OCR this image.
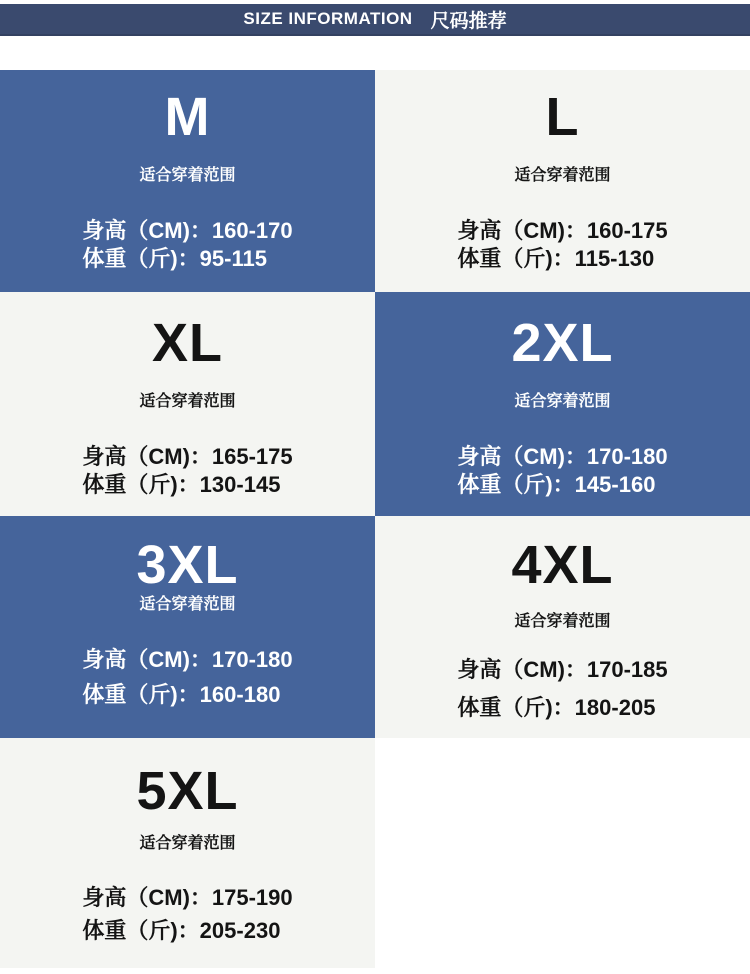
SIZE INFORMATION 尺码推荐
M
适合穿着范围
身高（CM)：160-170
体重（斤)：95-115
L
适合穿着范围
身高（CM)：160-175
体重（斤)：115-130
XL
适合穿着范围
身高（CM)：165-175
体重（斤)：130-145
2XL
适合穿着范围
身高（CM)：170-180
体重（斤)：145-160
3XL
适合穿着范围
身高（CM)：170-180
体重（斤)：160-180
4XL
适合穿着范围
身高（CM)：170-185
体重（斤)：180-205
5XL
适合穿着范围
身高（CM)：175-190
体重（斤)：205-230
